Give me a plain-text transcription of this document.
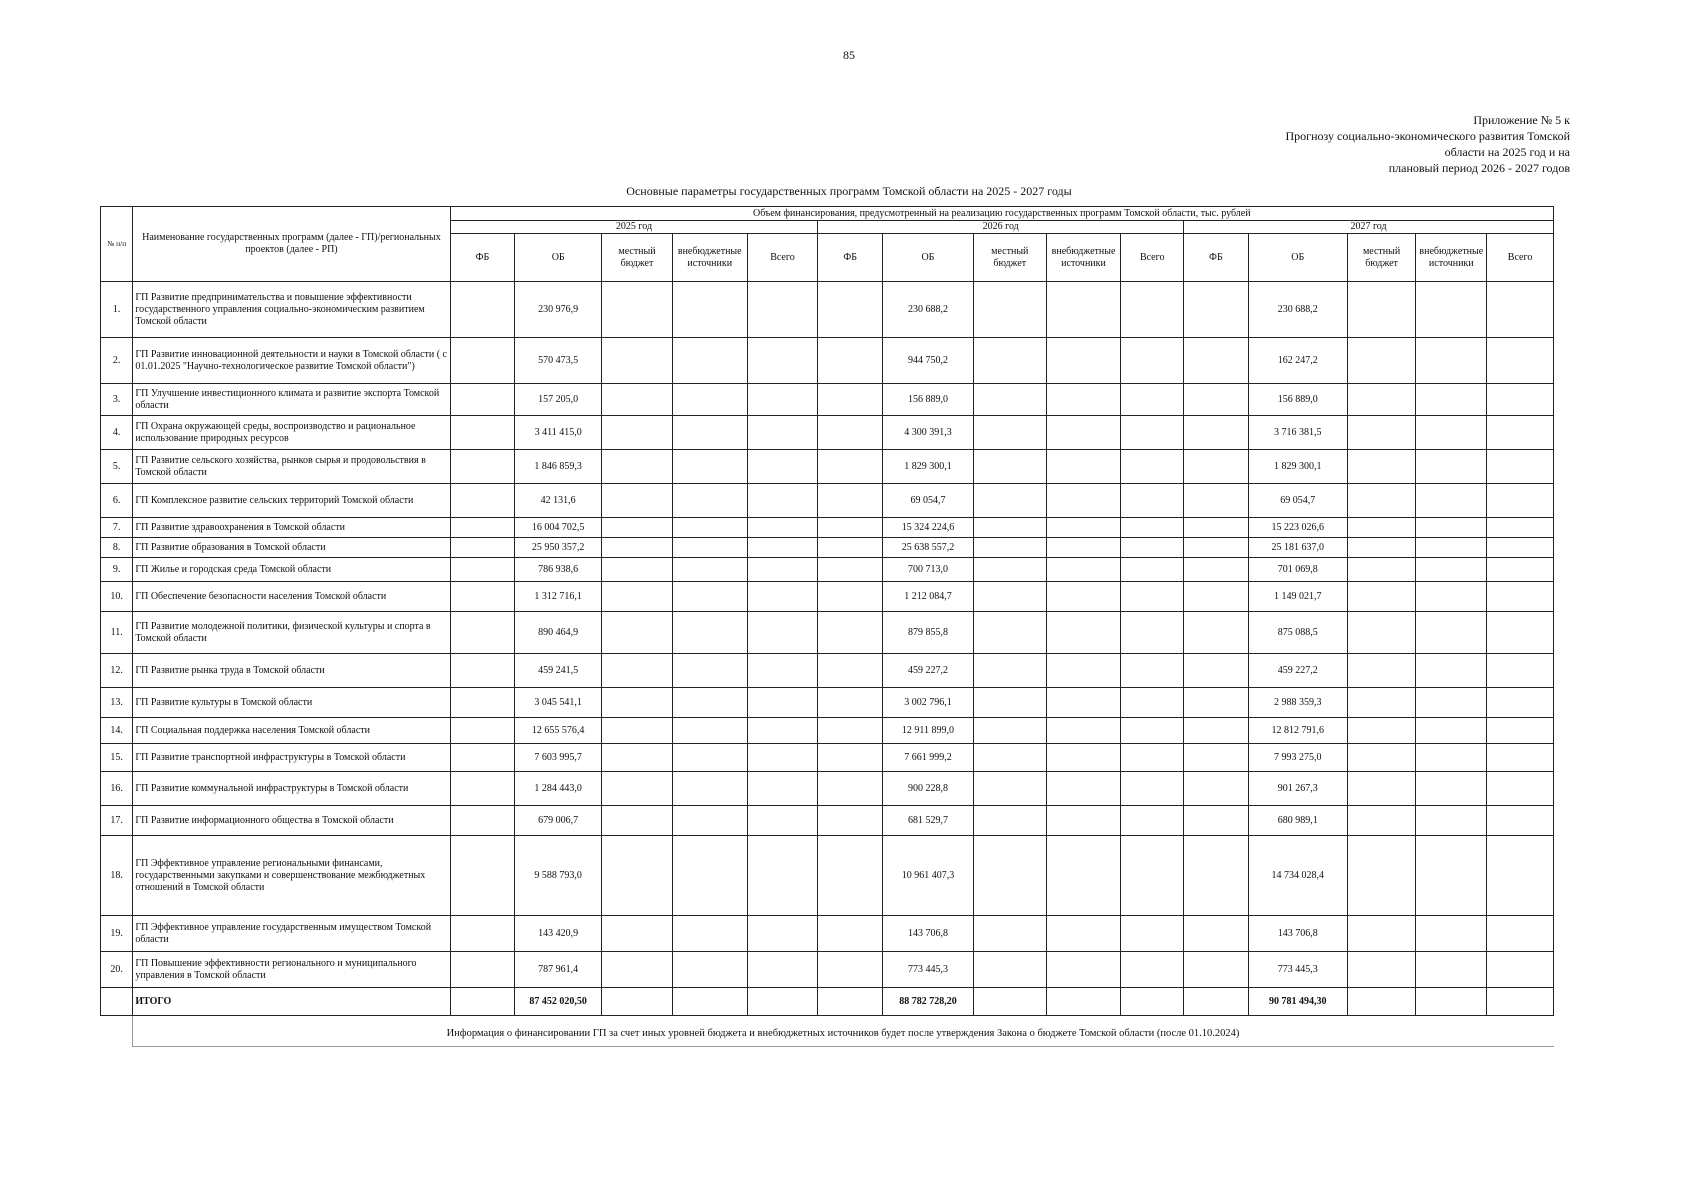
85
Приложение № 5 к
Прогнозу социально-экономического развития Томской
области на 2025 год и на
плановый период 2026 - 2027 годов
Основные параметры государственных программ Томской области на 2025 - 2027 годы
№ п/п	Наименование государственных программ (далее - ГП)/региональных проектов (далее - РП)	Объем финансирования, предусмотренный на реализацию государственных программ Томской области, тыс. рублей														
		2025 год					2026 год					2027 год				
		ФБ	ОБ	местный бюджет	внебюджетные источники	Всего	ФБ	ОБ	местный бюджет	внебюджетные источники	Всего	ФБ	ОБ	местный бюджет	внебюджетные источники	Всего
1.	ГП Развитие предпринимательства и повышение эффективности государственного управления социально-экономическим развитием Томской области		230 976,9					230 688,2					230 688,2			
2.	ГП Развитие инновационной деятельности и науки в Томской области ( с 01.01.2025 "Научно-технологическое развитие Томской области")		570 473,5					944 750,2					162 247,2			
3.	ГП Улучшение инвестиционного климата и развитие экспорта Томской области		157 205,0					156 889,0					156 889,0			
4.	ГП Охрана окружающей среды, воспроизводство и рациональное использование природных ресурсов		3 411 415,0					4 300 391,3					3 716 381,5			
5.	ГП Развитие сельского хозяйства, рынков сырья и продовольствия в Томской области		1 846 859,3					1 829 300,1					1 829 300,1			
6.	ГП Комплексное развитие сельских территорий Томской области		42 131,6					69 054,7					69 054,7			
7.	ГП Развитие здравоохранения в Томской области		16 004 702,5					15 324 224,6					15 223 026,6			
8.	ГП Развитие образования в Томской области		25 950 357,2					25 638 557,2					25 181 637,0			
9.	ГП Жилье и городская среда Томской области		786 938,6					700 713,0					701 069,8			
10.	ГП Обеспечение безопасности населения Томской области		1 312 716,1					1 212 084,7					1 149 021,7			
11.	ГП Развитие молодежной политики, физической культуры и спорта в Томской области		890 464,9					879 855,8					875 088,5			
12.	ГП Развитие рынка труда в Томской области		459 241,5					459 227,2					459 227,2			
13.	ГП Развитие культуры в Томской области		3 045 541,1					3 002 796,1					2 988 359,3			
14.	ГП Социальная поддержка населения Томской области		12 655 576,4					12 911 899,0					12 812 791,6			
15.	ГП Развитие транспортной инфраструктуры в Томской области		7 603 995,7					7 661 999,2					7 993 275,0			
16.	ГП Развитие коммунальной инфраструктуры в Томской области		1 284 443,0					900 228,8					901 267,3			
17.	ГП Развитие информационного общества в Томской области		679 006,7					681 529,7					680 989,1			
18.	ГП Эффективное управление региональными финансами, государственными закупками и совершенствование межбюджетных отношений в Томской области		9 588 793,0					10 961 407,3					14 734 028,4			
19.	ГП Эффективное управление государственным имуществом Томской области		143 420,9					143 706,8					143 706,8			
20.	ГП Повышение эффективности регионального и муниципального управления в Томской области		787 961,4					773 445,3					773 445,3			
	ИТОГО		87 452 020,50					88 782 728,20					90 781 494,30			
Информация о финансировании ГП за счет иных уровней бюджета и внебюджетных источников будет после утверждения Закона о бюджете Томской области (после 01.10.2024)
